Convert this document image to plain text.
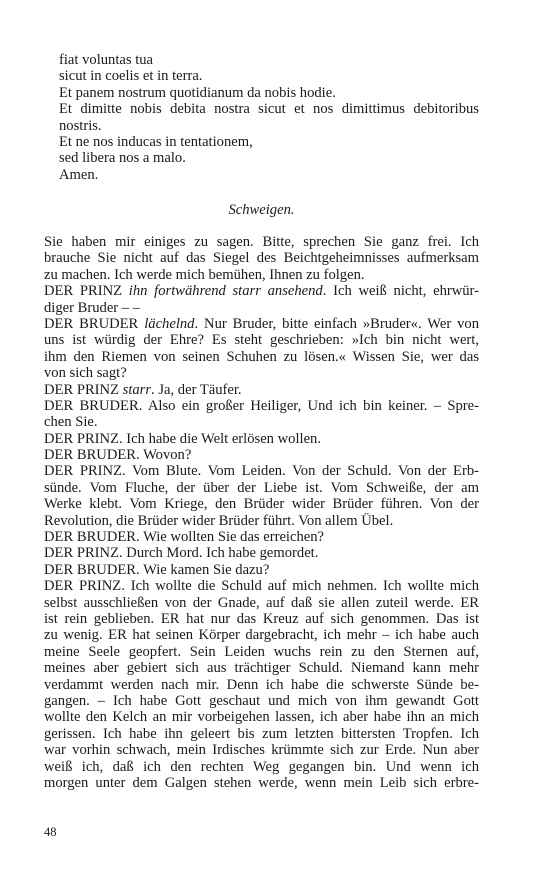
fiat voluntas tua
sicut in coelis et in terra.
Et panem nostrum quotidianum da nobis hodie.
Et dimitte nobis debita nostra sicut et nos dimittimus debitoribus
nostris.
Et ne nos inducas in tentationem,
sed libera nos a malo.
Amen.
Schweigen.
Sie haben mir einiges zu sagen. Bitte, sprechen Sie ganz frei. Ich
brauche Sie nicht auf das Siegel des Beichtgeheimnisses aufmerksam
zu machen. Ich werde mich bemühen, Ihnen zu folgen.
DER PRINZ ihn fortwährend starr ansehend. Ich weiß nicht, ehrwür-
diger Bruder – –
DER BRUDER lächelnd. Nur Bruder, bitte einfach »Bruder«. Wer von
uns ist würdig der Ehre? Es steht geschrieben: »Ich bin nicht wert,
ihm den Riemen von seinen Schuhen zu lösen.« Wissen Sie, wer das
von sich sagt?
DER PRINZ starr. Ja, der Täufer.
DER BRUDER. Also ein großer Heiliger, Und ich bin keiner. – Spre-
chen Sie.
DER PRINZ. Ich habe die Welt erlösen wollen.
DER BRUDER. Wovon?
DER PRINZ. Vom Blute. Vom Leiden. Von der Schuld. Von der Erb-
sünde. Vom Fluche, der über der Liebe ist. Vom Schweiße, der am
Werke klebt. Vom Kriege, den Brüder wider Brüder führen. Von der
Revolution, die Brüder wider Brüder führt. Von allem Übel.
DER BRUDER. Wie wollten Sie das erreichen?
DER PRINZ. Durch Mord. Ich habe gemordet.
DER BRUDER. Wie kamen Sie dazu?
DER PRINZ. Ich wollte die Schuld auf mich nehmen. Ich wollte mich
selbst ausschließen von der Gnade, auf daß sie allen zuteil werde. ER
ist rein geblieben. ER hat nur das Kreuz auf sich genommen. Das ist
zu wenig. ER hat seinen Körper dargebracht, ich mehr – ich habe auch
meine Seele geopfert. Sein Leiden wuchs rein zu den Sternen auf,
meines aber gebiert sich aus trächtiger Schuld. Niemand kann mehr
verdammt werden nach mir. Denn ich habe die schwerste Sünde be-
gangen. – Ich habe Gott geschaut und mich von ihm gewandt Gott
wollte den Kelch an mir vorbeigehen lassen, ich aber habe ihn an mich
gerissen. Ich habe ihn geleert bis zum letzten bittersten Tropfen. Ich
war vorhin schwach, mein Irdisches krümmte sich zur Erde. Nun aber
weiß ich, daß ich den rechten Weg gegangen bin. Und wenn ich
morgen unter dem Galgen stehen werde, wenn mein Leib sich erbre-
48
